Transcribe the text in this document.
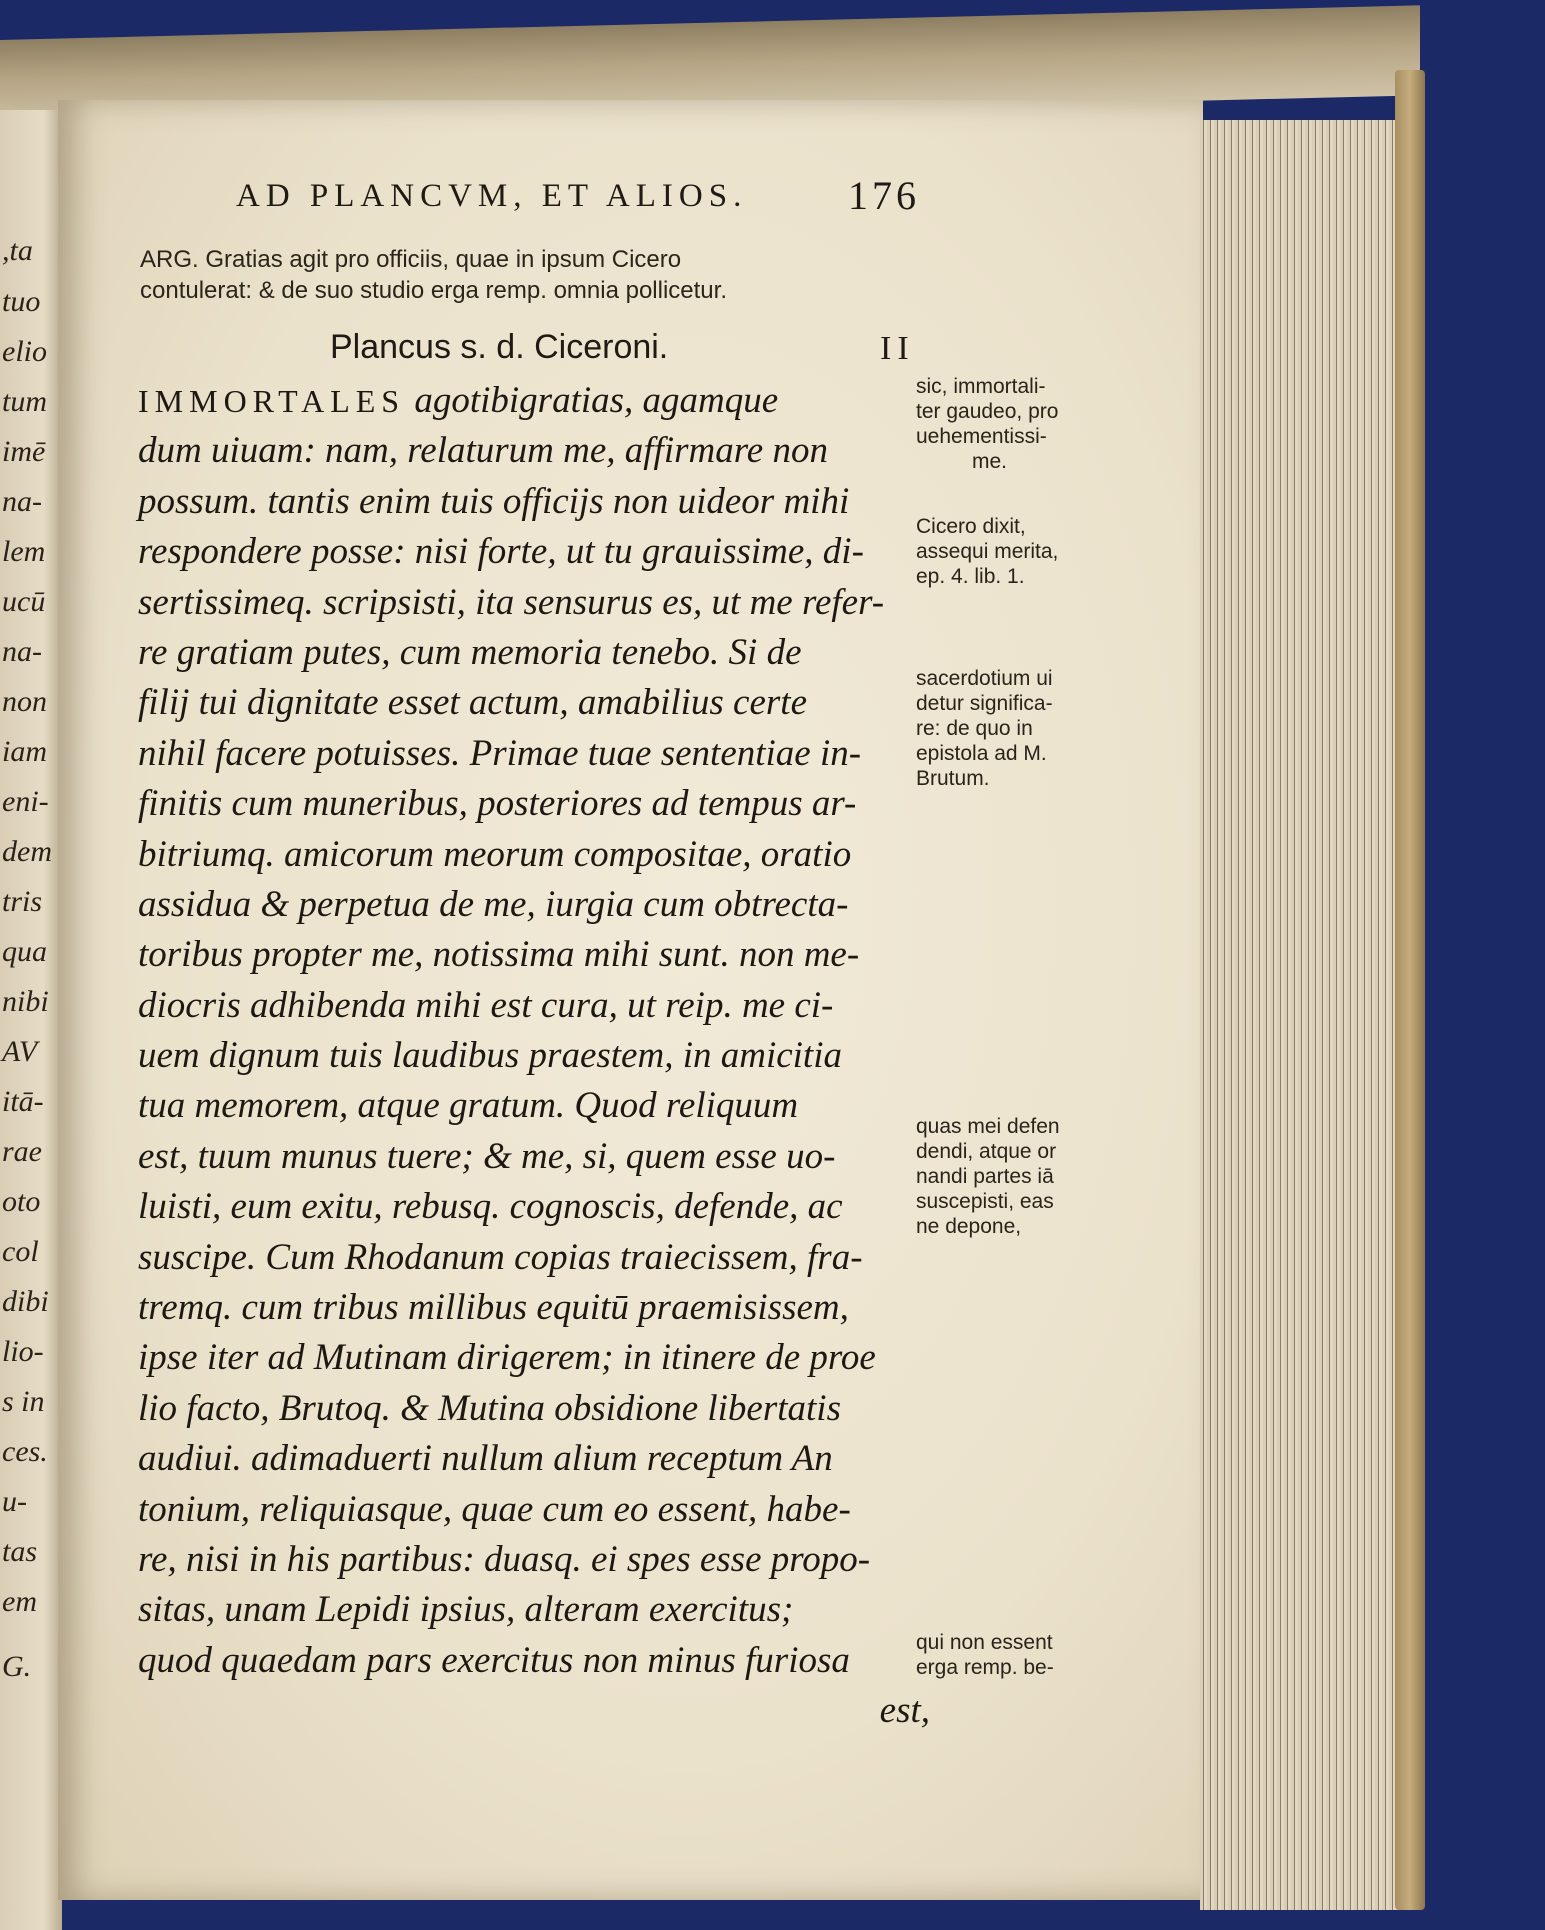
,ta
tuo
elio
tum
imē
na-
lem
ucū
na-
non
iam
eni-
dem
tris
qua
nibi
AV
itā-
rae
oto
col
dibi
lio-
s in
ces.
u-
tas
em
G.
AD PLANCVM, ET ALIOS.	176
ARG. Gratias agit pro officiis, quae in ipsum Cicero
contulerat: & de suo studio erga remp. omnia pollicetur.
Plancus s. d. Ciceroni.	II
IMMORTALES agotibigratias, agamque
dum uiuam: nam, relaturum me, affirmare non
possum. tantis enim tuis officijs non uideor mihi
respondere posse: nisi forte, ut tu grauissime, di-
sertissimeq. scripsisti, ita sensurus es, ut me refer-
re gratiam putes, cum memoria tenebo. Si de
filij tui dignitate esset actum, amabilius certe
nihil facere potuisses. Primae tuae sententiae in-
finitis cum muneribus, posteriores ad tempus ar-
bitriumq. amicorum meorum compositae, oratio
assidua & perpetua de me, iurgia cum obtrecta-
toribus propter me, notissima mihi sunt. non me-
diocris adhibenda mihi est cura, ut reip. me ci-
uem dignum tuis laudibus praestem, in amicitia
tua memorem, atque gratum. Quod reliquum
est, tuum munus tuere; & me, si, quem esse uo-
luisti, eum exitu, rebusq. cognoscis, defende, ac
suscipe. Cum Rhodanum copias traiecissem, fra-
tremq. cum tribus millibus equitū praemisissem,
ipse iter ad Mutinam dirigerem; in itinere de proe
lio facto, Brutoq. & Mutina obsidione libertatis
audiui. adimaduerti nullum alium receptum An
tonium, reliquiasque, quae cum eo essent, habe-
re, nisi in his partibus: duasq. ei spes esse propo-
sitas, unam Lepidi ipsius, alteram exercitus;
quod quaedam pars exercitus non minus furiosa
est,
sic, immortali-
ter gaudeo, pro
uehementissi-
me.
Cicero dixit,
assequi merita,
ep. 4. lib. 1.
sacerdotium ui
detur significa-
re: de quo in
epistola ad M.
Brutum.
quas mei defen
dendi, atque or
nandi partes iā
suscepisti, eas
ne depone,
qui non essent
erga remp. be-
